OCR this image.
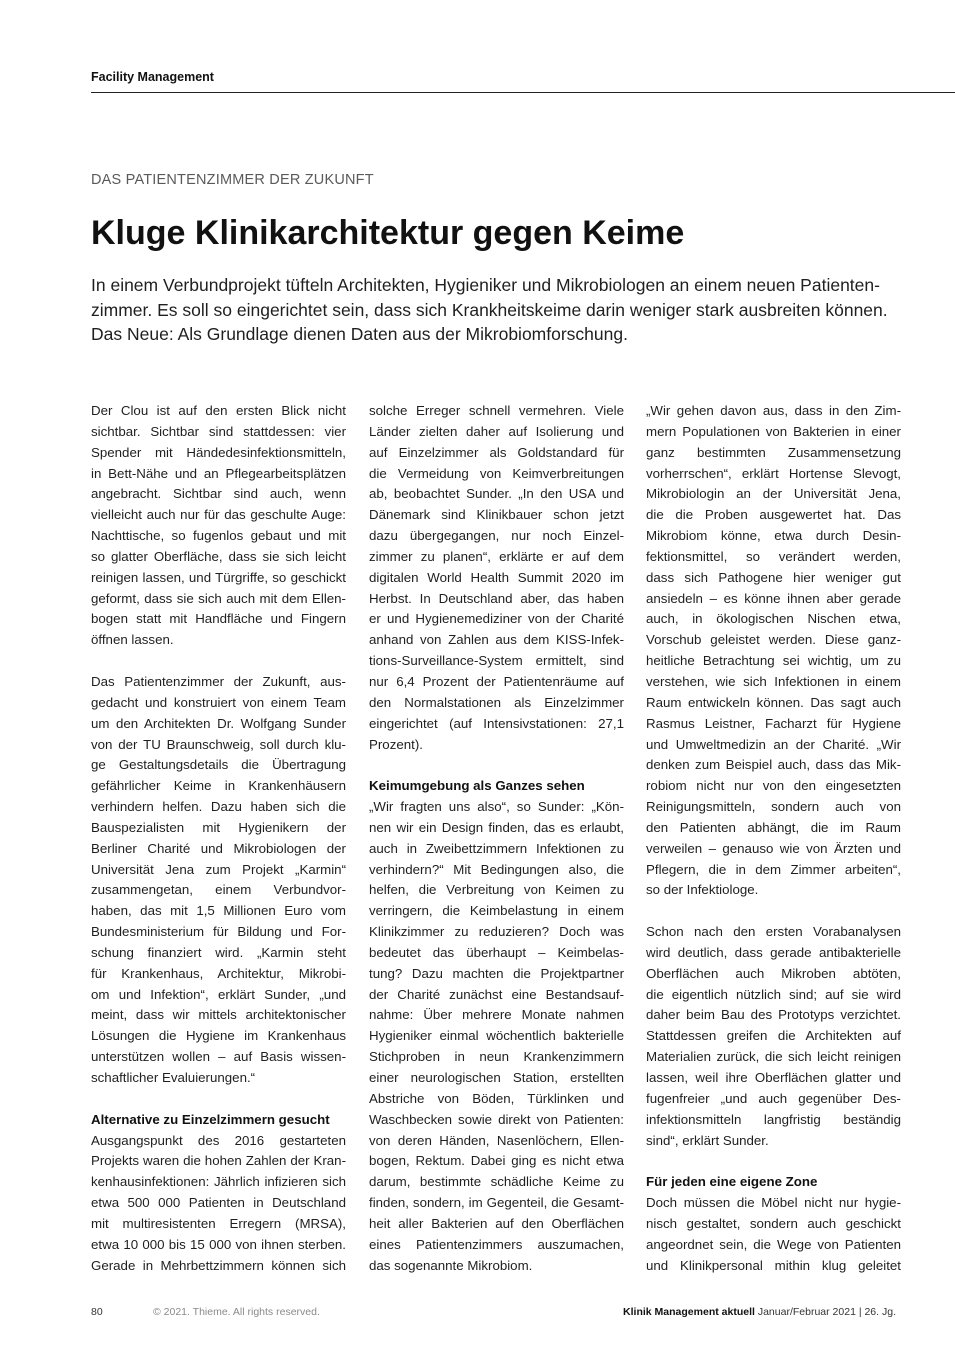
Facility Management
DAS PATIENTENZIMMER DER ZUKUNFT
Kluge Klinikarchitektur gegen Keime

In einem Verbundprojekt tüfteln Architekten, Hygieniker und Mikrobiologen an einem neuen Patienten-
zimmer. Es soll so eingerichtet sein, dass sich Krankheitskeime darin weniger stark ausbreiten können.
Das Neue: Als Grundlage dienen Daten aus der Mikrobiomforschung.

Der Clou ist auf den ersten Blick nicht
sichtbar. Sichtbar sind stattdessen: vier
Spender mit Händedesinfektionsmitteln,
in Bett-Nähe und an Pflegearbeitsplätzen
angebracht. Sichtbar sind auch, wenn
vielleicht auch nur für das geschulte Auge:
Nachttische, so fugenlos gebaut und mit
so glatter Oberfläche, dass sie sich leicht
reinigen lassen, und Türgriffe, so geschickt
geformt, dass sie sich auch mit dem Ellen-
bogen statt mit Handfläche und Fingern
öffnen lassen.
Das Patientenzimmer der Zukunft, aus-
gedacht und konstruiert von einem Team
um den Architekten Dr. Wolfgang Sunder
von der TU Braunschweig, soll durch klu-
ge Gestaltungsdetails die Übertragung
gefährlicher Keime in Krankenhäusern
verhindern helfen. Dazu haben sich die
Bauspezialisten mit Hygienikern der
Berliner Charité und Mikrobiologen der
Universität Jena zum Projekt „Karmin“
zusammengetan, einem Verbundvor-
haben, das mit 1,5 Millionen Euro vom
Bundesministerium für Bildung und For-
schung finanziert wird. „Karmin steht
für Krankenhaus, Architektur, Mikrobi-
om und Infektion“, erklärt Sunder, „und
meint, dass wir mittels architektonischer
Lösungen die Hygiene im Krankenhaus
unterstützen wollen – auf Basis wissen-
schaftlicher Evaluierungen.“
Alternative zu Einzelzimmern gesucht
Ausgangspunkt des 2016 gestarteten
Projekts waren die hohen Zahlen der Kran-
kenhausinfektionen: Jährlich infizieren sich
etwa 500 000 Patienten in Deutschland
mit multiresistenten Erregern (MRSA),
etwa 10 000 bis 15 000 von ihnen sterben.
Gerade in Mehrbettzimmern können sich
solche Erreger schnell vermehren. Viele
Länder zielten daher auf Isolierung und
auf Einzelzimmer als Goldstandard für
die Vermeidung von Keimverbreitungen
ab, beobachtet Sunder. „In den USA und
Dänemark sind Klinikbauer schon jetzt
dazu übergegangen, nur noch Einzel-
zimmer zu planen“, erklärte er auf dem
digitalen World Health Summit 2020 im
Herbst. In Deutschland aber, das haben
er und Hygienemediziner von der Charité
anhand von Zahlen aus dem KISS-Infek-
tions-Surveillance-System ermittelt, sind
nur 6,4 Prozent der Patientenräume auf
den Normalstationen als Einzelzimmer
eingerichtet (auf Intensivstationen: 27,1
Prozent).
Keimumgebung als Ganzes sehen
„Wir fragten uns also“, so Sunder: „Kön-
nen wir ein Design finden, das es erlaubt,
auch in Zweibettzimmern Infektionen zu
verhindern?“ Mit Bedingungen also, die
helfen, die Verbreitung von Keimen zu
verringern, die Keimbelastung in einem
Klinikzimmer zu reduzieren? Doch was
bedeutet das überhaupt – Keimbelas-
tung? Dazu machten die Projektpartner
der Charité zunächst eine Bestandsauf-
nahme: Über mehrere Monate nahmen
Hygieniker einmal wöchentlich bakterielle
Stichproben in neun Krankenzimmern
einer neurologischen Station, erstellten
Abstriche von Böden, Türklinken und
Waschbecken sowie direkt von Patienten:
von deren Händen, Nasenlöchern, Ellen-
bogen, Rektum. Dabei ging es nicht etwa
darum, bestimmte schädliche Keime zu
finden, sondern, im Gegenteil, die Gesamt-
heit aller Bakterien auf den Oberflächen
eines Patientenzimmers auszumachen,
das sogenannte Mikrobiom.
„Wir gehen davon aus, dass in den Zim-
mern Populationen von Bakterien in einer
ganz bestimmten Zusammensetzung
vorherrschen“, erklärt Hortense Slevogt,
Mikrobiologin an der Universität Jena,
die die Proben ausgewertet hat. Das
Mikrobiom könne, etwa durch Desin-
fektionsmittel, so verändert werden,
dass sich Pathogene hier weniger gut
ansiedeln – es könne ihnen aber gerade
auch, in ökologischen Nischen etwa,
Vorschub geleistet werden. Diese ganz-
heitliche Betrachtung sei wichtig, um zu
verstehen, wie sich Infektionen in einem
Raum entwickeln können. Das sagt auch
Rasmus Leistner, Facharzt für Hygiene
und Umweltmedizin an der Charité. „Wir
denken zum Beispiel auch, dass das Mik-
robiom nicht nur von den eingesetzten
Reinigungsmitteln, sondern auch von
den Patienten abhängt, die im Raum
verweilen – genauso wie von Ärzten und
Pflegern, die in dem Zimmer arbeiten“,
so der Infektiologe.
Schon nach den ersten Vorabanalysen
wird deutlich, dass gerade antibakterielle
Oberflächen auch Mikroben abtöten,
die eigentlich nützlich sind; auf sie wird
daher beim Bau des Prototyps verzichtet.
Stattdessen greifen die Architekten auf
Materialien zurück, die sich leicht reinigen
lassen, weil ihre Oberflächen glatter und
fugenfreier „und auch gegenüber Des-
infektionsmitteln langfristig beständig
sind“, erklärt Sunder.
Für jeden eine eigene Zone
Doch müssen die Möbel nicht nur hygie-
nisch gestaltet, sondern auch geschickt
angeordnet sein, die Wege von Patienten
und Klinikpersonal mithin klug geleitet
80	© 2021. Thieme. All rights reserved.	Klinik Management aktuell Januar/Februar 2021 | 26. Jg.
